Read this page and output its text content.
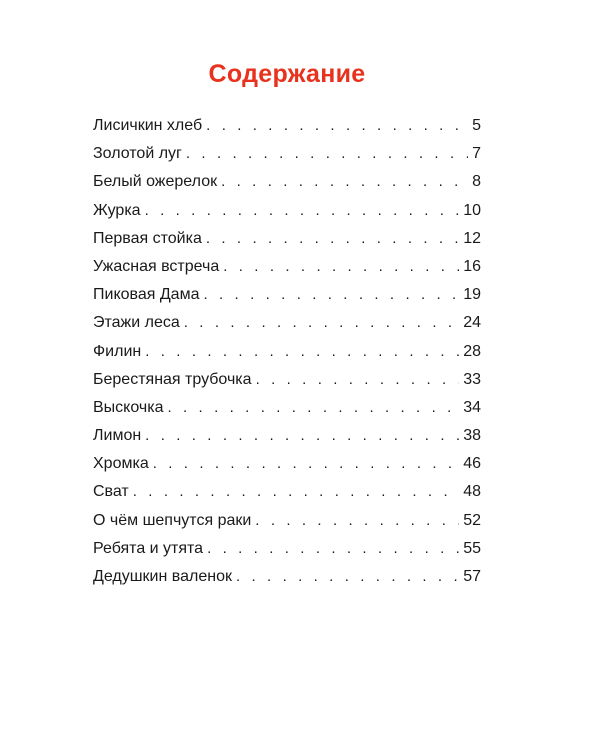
Содержание
Лисичкин хлеб . . .	5
Золотой луг . . .	7
Белый ожерелок . . .	8
Журка . . .	10
Первая стойка . . .	12
Ужасная встреча . . .	16
Пиковая Дама . . .	19
Этажи леса . . .	24
Филин . . .	28
Берестяная трубочка . . .	33
Выскочка . . .	34
Лимон . . .	38
Хромка . . .	46
Сват . . .	48
О чём шепчутся раки . . .	52
Ребята и утята . . .	55
Дедушкин валенок . . .	57
